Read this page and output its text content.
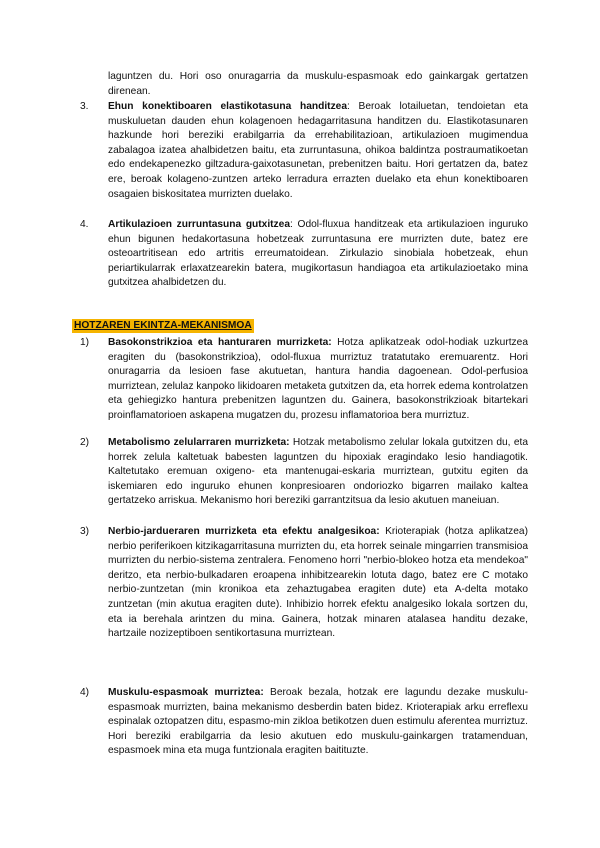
laguntzen du. Hori oso onuragarria da muskulu-espasmoak edo gainkargak gertatzen direnean.

3.	Ehun konektiboaren elastikotasuna handitzea: Beroak lotailuetan, tendoietan eta muskuluetan dauden ehun kolagenoen hedagarritasuna handitzen du. Elastikotasunaren hazkunde hori bereziki erabilgarria da errehabilitazioan, artikulazioen mugimendua zabalagoa izatea ahalbidetzen baitu, eta zurruntasuna, ohikoa baldintza postraumatikoetan edo endekapenezko giltzadura-gaixotasunetan, prebenitzen baitu. Hori gertatzen da, batez ere, beroak kolageno-zuntzen arteko lerradura errazten duelako eta ehun konektiboaren osagaien biskositatea murrizten duelako.
4.	Artikulazioen zurruntasuna gutxitzea: Odol-fluxua handitzeak eta artikulazioen inguruko ehun bigunen hedakortasuna hobetzeak zurruntasuna ere murrizten dute, batez ere osteoartritisean edo artritis erreumatoidean. Zirkulazio sinobiala hobetzeak, ehun periartikularrak erlaxatzearekin batera, mugikortasun handiagoa eta artikulazioetako mina gutxitzea ahalbidetzen du.

HOTZAREN EKINTZA-MEKANISMOA

1)	Basokonstrikzioa eta hanturaren murrizketa: Hotza aplikatzeak odol-hodiak uzkurtzea eragiten du (basokonstrikzioa), odol-fluxua murriztuz tratatutako eremuarentz. Hori onuragarria da lesioen fase akutuetan, hantura handia dagoenean. Odol-perfusioa murriztean, zelulaz kanpoko likidoaren metaketa gutxitzen da, eta horrek edema kontrolatzen eta gehiegizko hantura prebenitzen laguntzen du. Gainera, basokonstrikzioak bitartekari proinflamatorioen askapena mugatzen du, prozesu inflamatorioa bera murriztuz.
2)	Metabolismo zelularraren murrizketa: Hotzak metabolismo zelular lokala gutxitzen du, eta horrek zelula kaltetuak babesten laguntzen du hipoxiak eragindako lesio handiagotik. Kaltetutako eremuan oxigeno- eta mantenugai-eskaria murriztean, gutxitu egiten da iskemiaren edo inguruko ehunen konpresioaren ondoriozko bigarren mailako kaltea gertatzeko arriskua. Mekanismo hori bereziki garrantzitsua da lesio akutuen maneiuan.
3)	Nerbio-jardueraren murrizketa eta efektu analgesikoa: Krioterapiak (hotza aplikatzea) nerbio periferikoen kitzikagarritasuna murrizten du, eta horrek seinale mingarrien transmisioa murrizten du nerbio-sistema zentralera. Fenomeno horri "nerbio-blokeo hotza eta mendekoa" deritzo, eta nerbio-bulkadaren eroapena inhibitzearekin lotuta dago, batez ere C motako nerbio-zuntzetan (min kronikoa eta zehaztugabea eragiten dute) eta A-delta motako zuntzetan (min akutua eragiten dute). Inhibizio horrek efektu analgesiko lokala sortzen du, eta ia berehala arintzen du mina. Gainera, hotzak minaren atalasea handitu dezake, hartzaile nozizeptiboen sentikortasuna murriztean.
4)	Muskulu-espasmoak murriztea: Beroak bezala, hotzak ere lagundu dezake muskulu-espasmoak murrizten, baina mekanismo desberdin baten bidez. Krioterapiak arku erreflexu espinalak oztopatzen ditu, espasmo-min zikloa betikotzen duen estimulu aferentea murriztuz. Hori bereziki erabilgarria da lesio akutuen edo muskulu-gainkargen tratamenduan, espasmoek mina eta muga funtzionala eragiten baitituzte.
